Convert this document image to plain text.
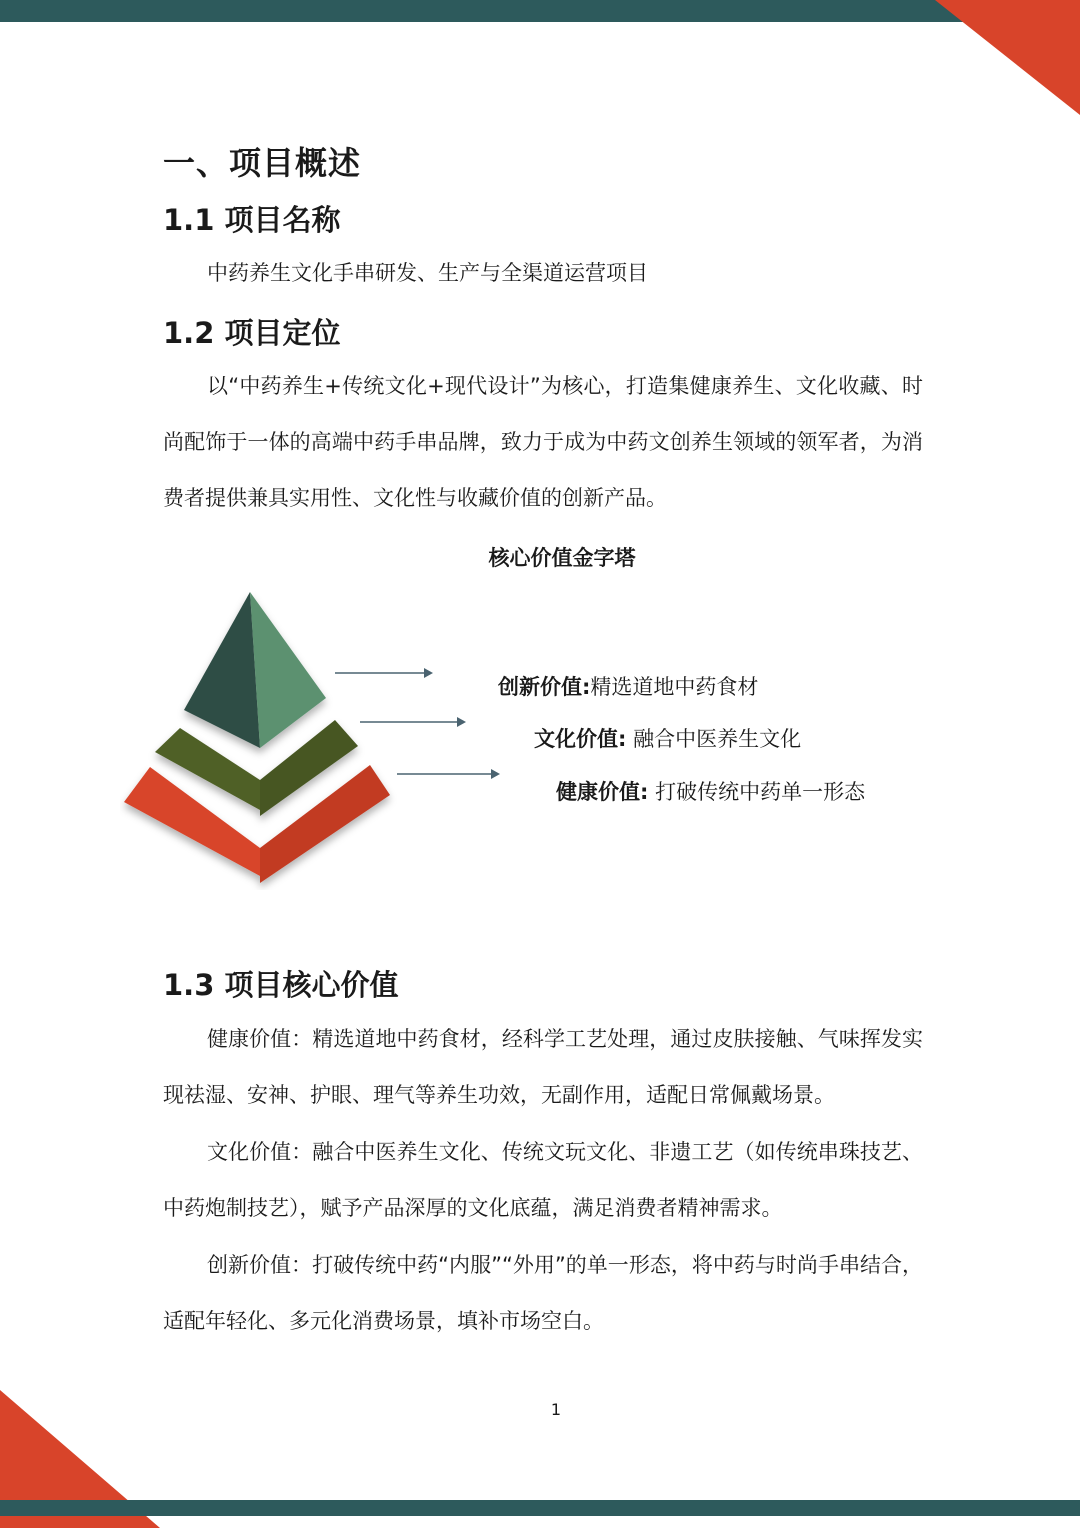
一、项目概述
1.1 项目名称
中药养生文化手串研发、生产与全渠道运营项目
1.2 项目定位
以“中药养生+传统文化+现代设计”为核心，打造集健康养生、文化收藏、时尚配饰于一体的高端中药手串品牌，致力于成为中药文创养生领域的领军者，为消费者提供兼具实用性、文化性与收藏价值的创新产品。
核心价值金字塔
创新价值:精选道地中药食材
文化价值: 融合中医养生文化
健康价值: 打破传统中药单一形态
1.3 项目核心价值
健康价值：精选道地中药食材，经科学工艺处理，通过皮肤接触、气味挥发实现祛湿、安神、护眼、理气等养生功效，无副作用，适配日常佩戴场景。
文化价值：融合中医养生文化、传统文玩文化、非遗工艺（如传统串珠技艺、中药炮制技艺），赋予产品深厚的文化底蕴，满足消费者精神需求。
创新价值：打破传统中药“内服”“外用”的单一形态，将中药与时尚手串结合，适配年轻化、多元化消费场景，填补市场空白。
1
